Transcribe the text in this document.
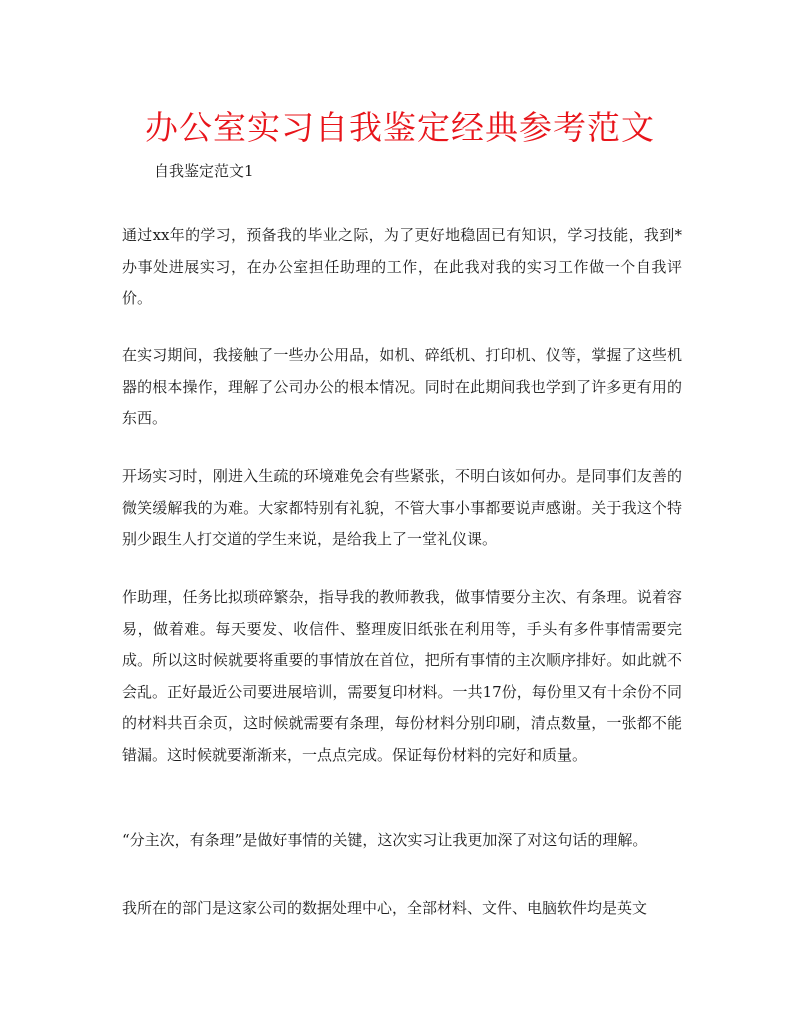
办公室实习自我鉴定经典参考范文

自我鉴定范文1

通过xx年的学习，预备我的毕业之际，为了更好地稳固已有知识，学习技能，我到*办事处进展实习，在办公室担任助理的工作，在此我对我的实习工作做一个自我评价。

在实习期间，我接触了一些办公用品，如机、碎纸机、打印机、仪等，掌握了这些机器的根本操作，理解了公司办公的根本情况。同时在此期间我也学到了许多更有用的东西。

开场实习时，刚进入生疏的环境难免会有些紧张，不明白该如何办。是同事们友善的微笑缓解我的为难。大家都特别有礼貌，不管大事小事都要说声感谢。关于我这个特别少跟生人打交道的学生来说，是给我上了一堂礼仪课。

作助理，任务比拟琐碎繁杂，指导我的教师教我，做事情要分主次、有条理。说着容易，做着难。每天要发、收信件、整理废旧纸张在利用等，手头有多件事情需要完成。所以这时候就要将重要的事情放在首位，把所有事情的主次顺序排好。如此就不会乱。正好最近公司要进展培训，需要复印材料。一共17份，每份里又有十余份不同的材料共百余页，这时候就需要有条理，每份材料分别印刷，清点数量，一张都不能错漏。这时候就要渐渐来，一点点完成。保证每份材料的完好和质量。

“分主次，有条理”是做好事情的关键，这次实习让我更加深了对这句话的理解。

我所在的部门是这家公司的数据处理中心，全部材料、文件、电脑软件均是英文
